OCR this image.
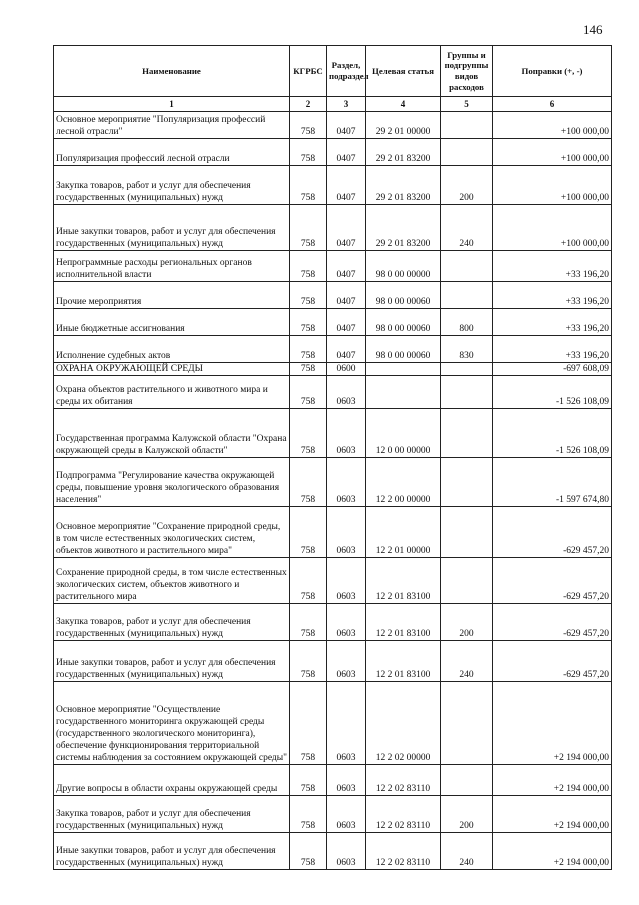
146
Наименование	КГРБС	Раздел, подраздел	Целевая статья	Группы и подгруппы видов расходов	Поправки (+, -)
1	2	3	4	5	6
Основное мероприятие "Популяризация профессий лесной отрасли"	758	0407	29 2 01 00000		+100 000,00
Популяризация профессий лесной отрасли	758	0407	29 2 01 83200		+100 000,00
Закупка товаров, работ и услуг для обеспечения государственных (муниципальных) нужд	758	0407	29 2 01 83200	200	+100 000,00
Иные закупки товаров, работ и услуг для обеспечения государственных (муниципальных) нужд	758	0407	29 2 01 83200	240	+100 000,00
Непрограммные расходы региональных органов исполнительной власти	758	0407	98 0 00 00000		+33 196,20
Прочие мероприятия	758	0407	98 0 00 00060		+33 196,20
Иные бюджетные ассигнования	758	0407	98 0 00 00060	800	+33 196,20
Исполнение судебных актов	758	0407	98 0 00 00060	830	+33 196,20
ОХРАНА ОКРУЖАЮЩЕЙ СРЕДЫ	758	0600			-697 608,09
Охрана объектов растительного и животного мира и среды их обитания	758	0603			-1 526 108,09
Государственная программа Калужской области "Охрана окружающей среды в Калужской области"	758	0603	12 0 00 00000		-1 526 108,09
Подпрограмма "Регулирование качества окружающей среды, повышение уровня экологического образования населения"	758	0603	12 2 00 00000		-1 597 674,80
Основное мероприятие "Сохранение природной среды, в том числе естественных экологических систем, объектов животного и растительного мира"	758	0603	12 2 01 00000		-629 457,20
Сохранение природной среды, в том числе естественных экологических систем, объектов животного и растительного мира	758	0603	12 2 01 83100		-629 457,20
Закупка товаров, работ и услуг для обеспечения государственных (муниципальных) нужд	758	0603	12 2 01 83100	200	-629 457,20
Иные закупки товаров, работ и услуг для обеспечения государственных (муниципальных) нужд	758	0603	12 2 01 83100	240	-629 457,20
Основное мероприятие "Осуществление государственного мониторинга окружающей среды (государственного экологического мониторинга), обеспечение функционирования территориальной системы наблюдения за состоянием окружающей среды"	758	0603	12 2 02 00000		+2 194 000,00
Другие вопросы в области охраны окружающей среды	758	0603	12 2 02 83110		+2 194 000,00
Закупка товаров, работ и услуг для обеспечения государственных (муниципальных) нужд	758	0603	12 2 02 83110	200	+2 194 000,00
Иные закупки товаров, работ и услуг для обеспечения государственных (муниципальных) нужд	758	0603	12 2 02 83110	240	+2 194 000,00
